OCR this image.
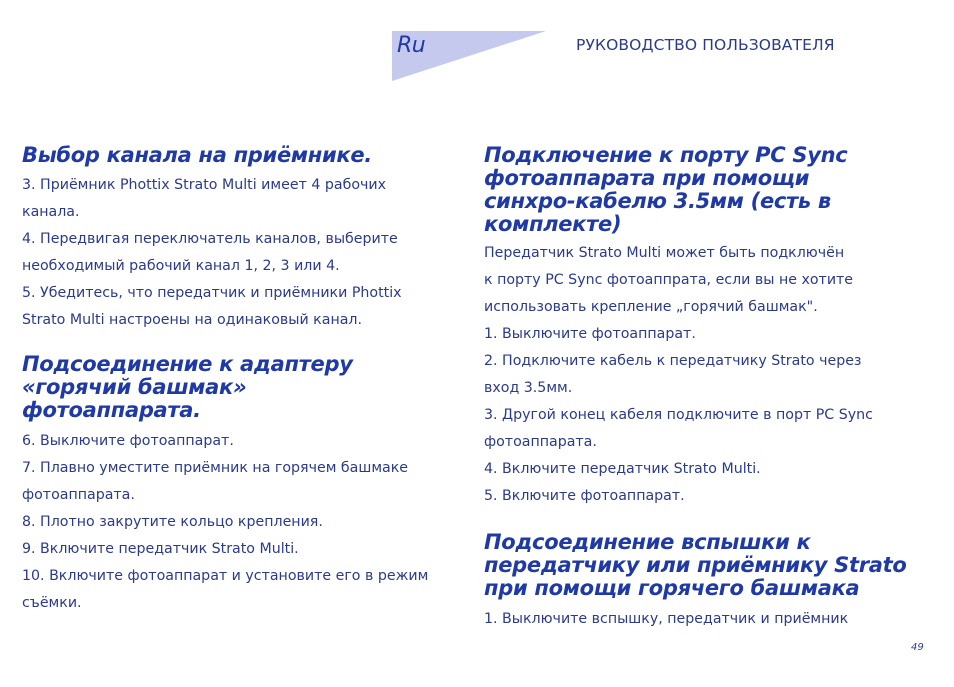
Ru	РУКОВОДСТВО ПОЛЬЗОВАТЕЛЯ
Выбор канала на приёмнике.
3. Приёмник Phottix Strato Multi имеет 4 рабочих
канала.
4. Передвигая переключатель каналов, выберите
необходимый рабочий канал 1, 2, 3 или 4.
5. Убедитесь, что передатчик и приёмники Phottix
Strato Multi настроены на одинаковый канал.
Подсоединение к адаптеру
«горячий башмак»
фотоаппарата.
6. Выключите фотоаппарат.
7. Плавно уместите приёмник на горячем башмаке
фотоаппарата.
8. Плотно закрутите кольцо крепления.
9. Включите передатчик Strato Multi.
10. Включите фотоаппарат и установите его в режим
съёмки.
Подключение к порту PC Sync
фотоаппарата при помощи
синхро-кабелю 3.5мм (есть в
комплекте)
Передатчик Strato Multi может быть подключён
к порту PC Sync фотоаппрата, если вы не хотите
использовать крепление „горячий башмак".
1. Выключите фотоаппарат.
2. Подключите кабель к передатчику Strato через
вход 3.5мм.
3. Другой конец кабеля подключите в порт PC Sync
фотоаппарата.
4. Включите передатчик Strato Multi.
5. Включите фотоаппарат.
Подсоединение вспышки к
передатчику или приёмнику Strato
при помощи горячего башмака
1. Выключите вспышку, передатчик и приёмник
49
